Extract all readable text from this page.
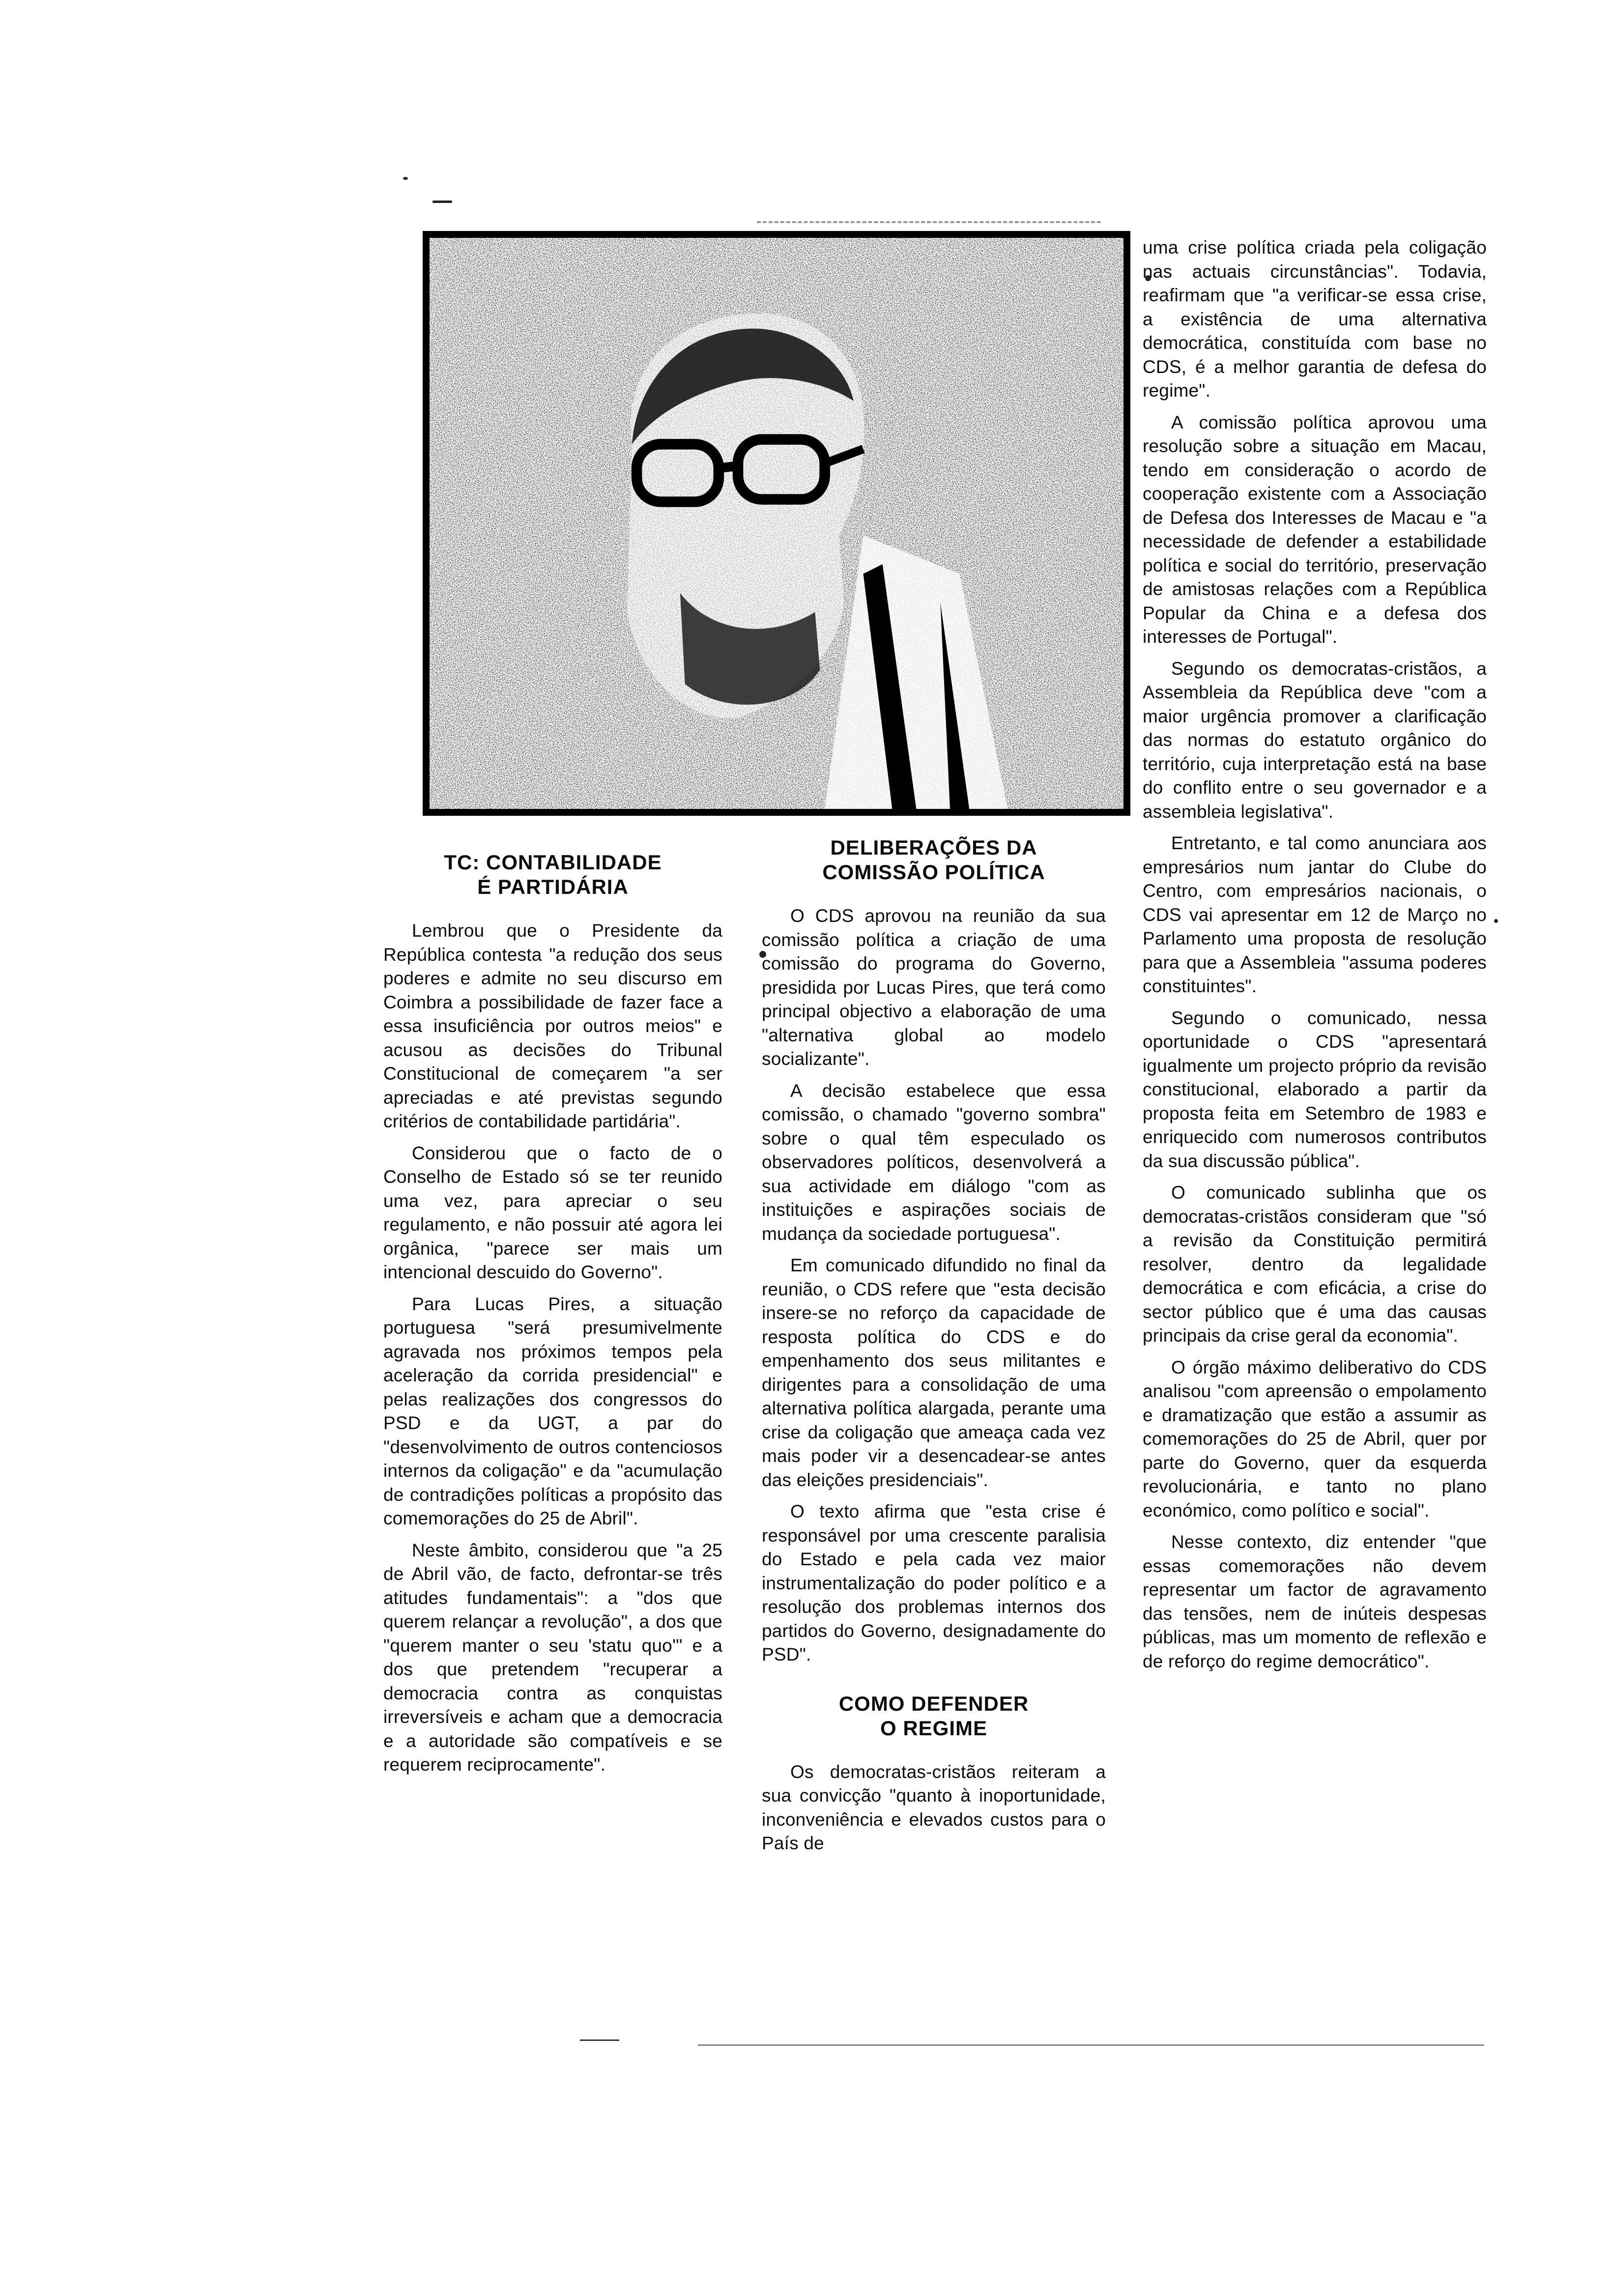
TC: CONTABILIDADE
É PARTIDÁRIA

Lembrou que o Presidente da República contesta "a redução dos seus poderes e admite no seu discurso em Coimbra a possibilidade de fazer face a essa insuficiência por outros meios" e acusou as decisões do Tribunal Constitucional de começarem "a ser apreciadas e até previstas segundo critérios de contabilidade partidária".

Considerou que o facto de o Conselho de Estado só se ter reunido uma vez, para apreciar o seu regulamento, e não possuir até agora lei orgânica, "parece ser mais um intencional descuido do Governo".

Para Lucas Pires, a situação portuguesa "será presumivelmente agravada nos próximos tempos pela aceleração da corrida presidencial" e pelas realizações dos congressos do PSD e da UGT, a par do "desenvolvimento de outros contenciosos internos da coligação" e da "acumulação de contradições políticas a propósito das comemorações do 25 de Abril".

Neste âmbito, considerou que "a 25 de Abril vão, de facto, defrontar-se três atitudes fundamentais": a "dos que querem relançar a revolução", a dos que "querem manter o seu 'statu quo'" e a dos que pretendem "recuperar a democracia contra as conquistas irreversíveis e acham que a democracia e a autoridade são compatíveis e se requerem reciprocamente".

DELIBERAÇÕES DA
COMISSÃO POLÍTICA

O CDS aprovou na reunião da sua comissão política a criação de uma comissão do programa do Governo, presidida por Lucas Pires, que terá como principal objectivo a elaboração de uma "alternativa global ao modelo socializante".

A decisão estabelece que essa comissão, o chamado "governo sombra" sobre o qual têm especulado os observadores políticos, desenvolverá a sua actividade em diálogo "com as instituições e aspirações sociais de mudança da sociedade portuguesa".

Em comunicado difundido no final da reunião, o CDS refere que "esta decisão insere-se no reforço da capacidade de resposta política do CDS e do empenhamento dos seus militantes e dirigentes para a consolidação de uma alternativa política alargada, perante uma crise da coligação que ameaça cada vez mais poder vir a desencadear-se antes das eleições presidenciais".

O texto afirma que "esta crise é responsável por uma crescente paralisia do Estado e pela cada vez maior instrumentalização do poder político e a resolução dos problemas internos dos partidos do Governo, designadamente do PSD".

COMO DEFENDER
O REGIME

Os democratas-cristãos reiteram a sua convicção "quanto à inoportunidade, inconveniência e elevados custos para o País de

uma crise política criada pela coligação nas actuais circunstâncias". Todavia, reafirmam que "a verificar-se essa crise, a existência de uma alternativa democrática, constituída com base no CDS, é a melhor garantia de defesa do regime".

A comissão política aprovou uma resolução sobre a situação em Macau, tendo em consideração o acordo de cooperação existente com a Associação de Defesa dos Interesses de Macau e "a necessidade de defender a estabilidade política e social do território, preservação de amistosas relações com a República Popular da China e a defesa dos interesses de Portugal".

Segundo os democratas-cristãos, a Assembleia da República deve "com a maior urgência promover a clarificação das normas do estatuto orgânico do território, cuja interpretação está na base do conflito entre o seu governador e a assembleia legislativa".

Entretanto, e tal como anunciara aos empresários num jantar do Clube do Centro, com empresários nacionais, o CDS vai apresentar em 12 de Março no Parlamento uma proposta de resolução para que a Assembleia "assuma poderes constituintes".

Segundo o comunicado, nessa oportunidade o CDS "apresentará igualmente um projecto próprio da revisão constitucional, elaborado a partir da proposta feita em Setembro de 1983 e enriquecido com numerosos contributos da sua discussão pública".

O comunicado sublinha que os democratas-cristãos consideram que "só a revisão da Constituição permitirá resolver, dentro da legalidade democrática e com eficácia, a crise do sector público que é uma das causas principais da crise geral da economia".

O órgão máximo deliberativo do CDS analisou "com apreensão o empolamento e dramatização que estão a assumir as comemorações do 25 de Abril, quer por parte do Governo, quer da esquerda revolucionária, e tanto no plano económico, como político e social".

Nesse contexto, diz entender "que essas comemorações não devem representar um factor de agravamento das tensões, nem de inúteis despesas públicas, mas um momento de reflexão e de reforço do regime democrático".
